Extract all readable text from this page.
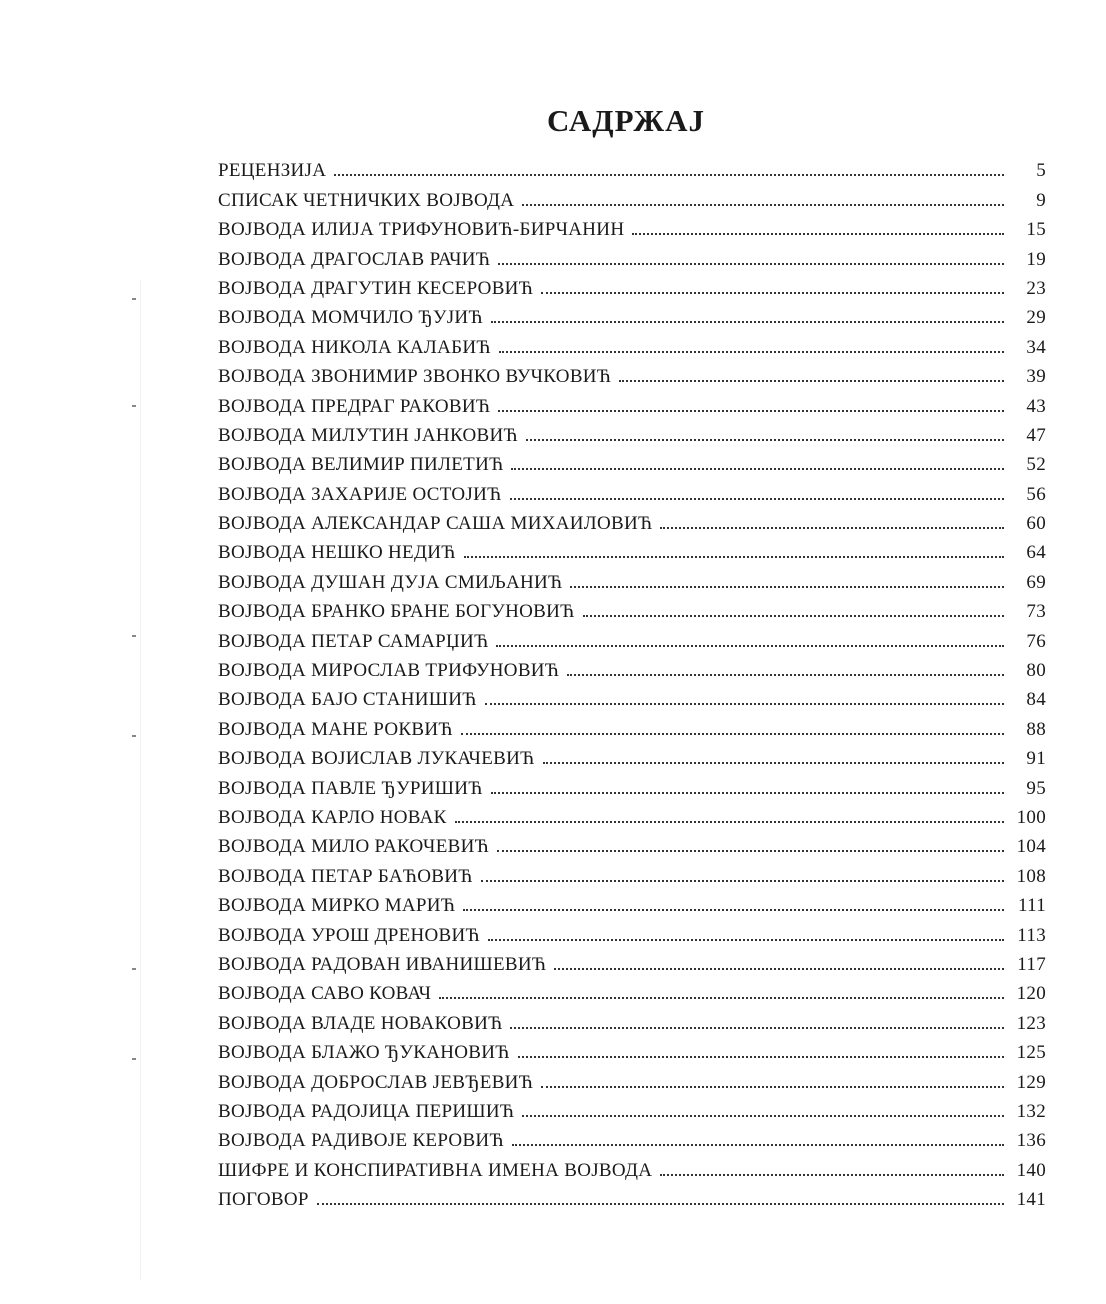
САДРЖАЈ
РЕЦЕНЗИЈА	5
СПИСАК ЧЕТНИЧКИХ ВОЈВОДА	9
ВОЈВОДА ИЛИЈА ТРИФУНОВИЋ-БИРЧАНИН	15
ВОЈВОДА ДРАГОСЛАВ РАЧИЋ	19
ВОЈВОДА ДРАГУТИН КЕСЕРОВИЋ	23
ВОЈВОДА МОМЧИЛО ЂУЈИЋ	29
ВОЈВОДА НИКОЛА КАЛАБИЋ	34
ВОЈВОДА ЗВОНИМИР ЗВОНКО ВУЧКОВИЋ	39
ВОЈВОДА ПРЕДРАГ РАКОВИЋ	43
ВОЈВОДА МИЛУТИН ЈАНКОВИЋ	47
ВОЈВОДА ВЕЛИМИР ПИЛЕТИЋ	52
ВОЈВОДА ЗАХАРИЈЕ ОСТОЈИЋ	56
ВОЈВОДА АЛЕКСАНДАР САША МИХАИЛОВИЋ	60
ВОЈВОДА НЕШКО НЕДИЋ	64
ВОЈВОДА ДУШАН ДУЈА СМИЉАНИЋ	69
ВОЈВОДА БРАНКО БРАНЕ БОГУНОВИЋ	73
ВОЈВОДА ПЕТАР САМАРЏИЋ	76
ВОЈВОДА МИРОСЛАВ ТРИФУНОВИЋ	80
ВОЈВОДА БАЈО СТАНИШИЋ	84
ВОЈВОДА МАНЕ РОКВИЋ	88
ВОЈВОДА ВОЈИСЛАВ ЛУКАЧЕВИЋ	91
ВОЈВОДА ПАВЛЕ ЂУРИШИЋ	95
ВОЈВОДА КАРЛО НОВАК	100
ВОЈВОДА МИЛО РАКОЧЕВИЋ	104
ВОЈВОДА ПЕТАР БАЋОВИЋ	108
ВОЈВОДА МИРКО МАРИЋ	111
ВОЈВОДА УРОШ ДРЕНОВИЋ	113
ВОЈВОДА РАДОВАН ИВАНИШЕВИЋ	117
ВОЈВОДА САВО КОВАЧ	120
ВОЈВОДА ВЛАДЕ НОВАКОВИЋ	123
ВОЈВОДА БЛАЖО ЂУКАНОВИЋ	125
ВОЈВОДА ДОБРОСЛАВ ЈЕВЂЕВИЋ	129
ВОЈВОДА РАДОЈИЦА ПЕРИШИЋ	132
ВОЈВОДА РАДИВОЈЕ КЕРОВИЋ	136
ШИФРЕ И КОНСПИРАТИВНА ИМЕНА ВОЈВОДА	140
ПОГОВОР	141
